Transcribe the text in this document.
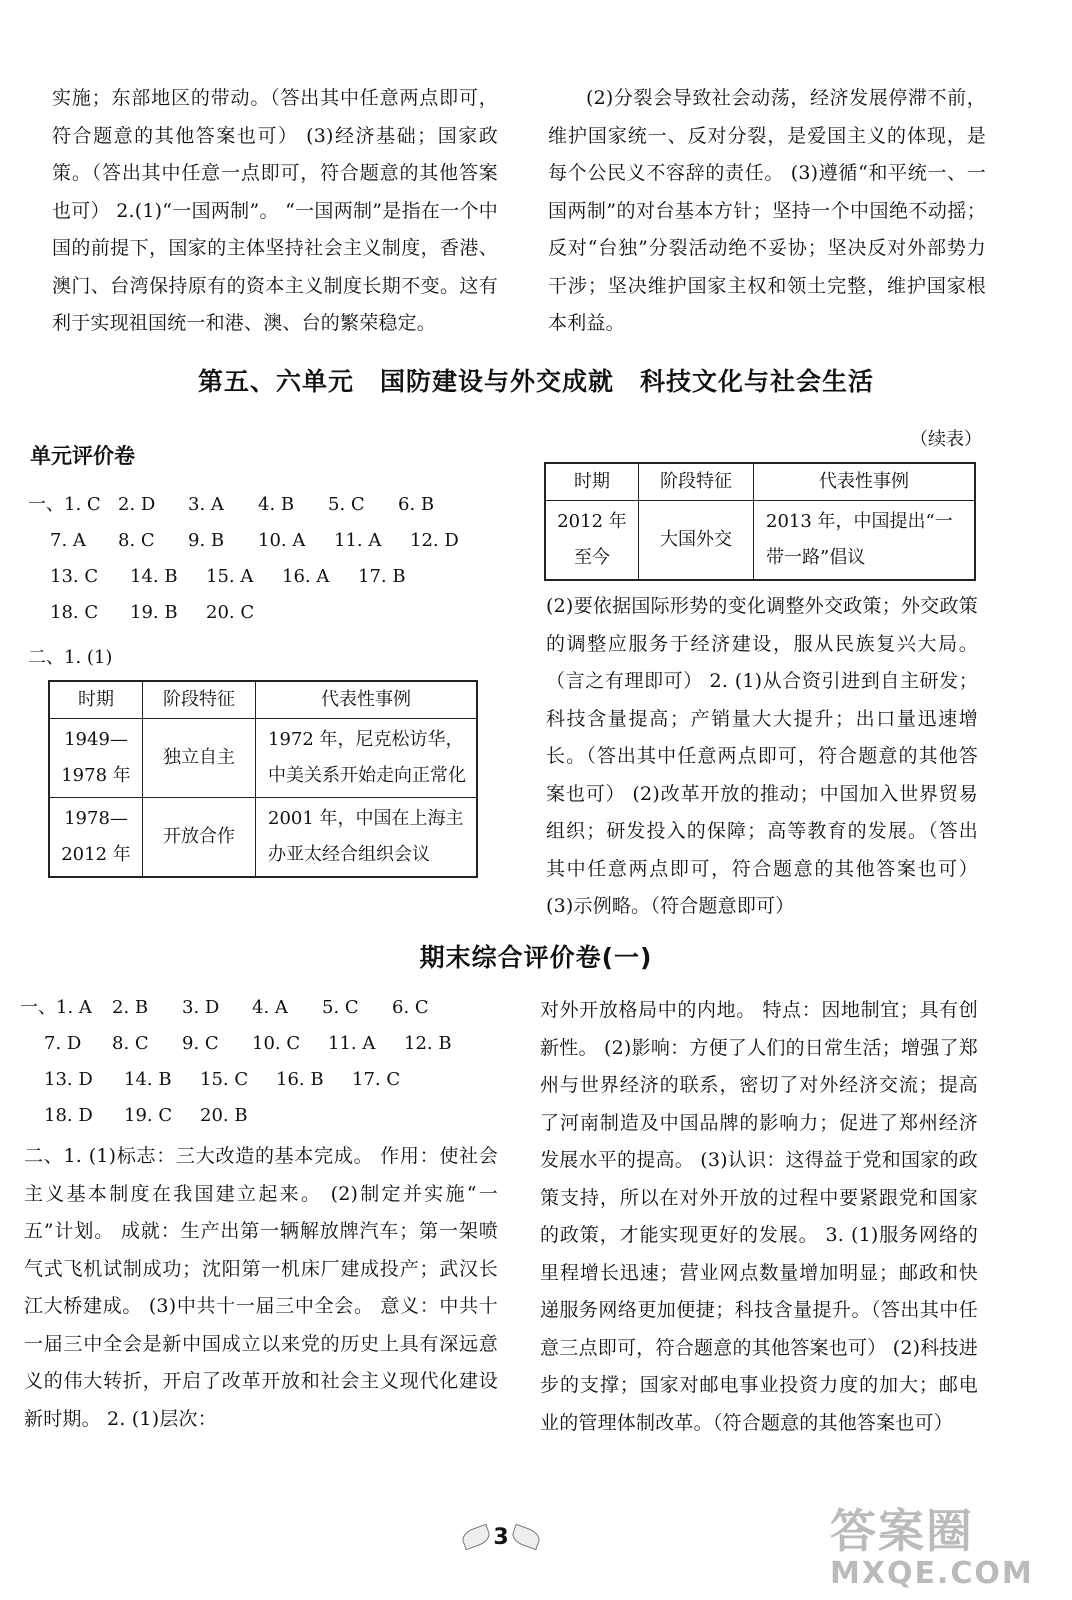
实施；东部地区的带动。（答出其中任意两点即可，符合题意的其他答案也可） (3)经济基础；国家政策。（答出其中任意一点即可，符合题意的其他答案也可） 2.(1)“一国两制”。 “一国两制”是指在一个中国的前提下，国家的主体坚持社会主义制度，香港、澳门、台湾保持原有的资本主义制度长期不变。这有利于实现祖国统一和港、澳、台的繁荣稳定。
(2)分裂会导致社会动荡，经济发展停滞不前，维护国家统一、反对分裂，是爱国主义的体现，是每个公民义不容辞的责任。 (3)遵循“和平统一、一国两制”的对台基本方针；坚持一个中国绝不动摇；反对“台独”分裂活动绝不妥协；坚决反对外部势力干涉；坚决维护国家主权和领土完整，维护国家根本利益。
第五、六单元　国防建设与外交成就　科技文化与社会生活
单元评价卷
一、1. C 2. D 3. A 4. B 5. C 6. B
7. A 8. C 9. B 10. A 11. A 12. D
13. C 14. B 15. A 16. A 17. B
18. C 19. B 20. C
二、1. (1)
时期	阶段特征	代表性事例
1949—1978 年	独立自主	1972 年，尼克松访华，中美关系开始走向正常化
1978—2012 年	开放合作	2001 年，中国在上海主办亚太经合组织会议
（续表）
时期	阶段特征	代表性事例
2012 年至今	大国外交	2013 年，中国提出“一带一路”倡议
(2)要依据国际形势的变化调整外交政策；外交政策的调整应服务于经济建设，服从民族复兴大局。（言之有理即可） 2. (1)从合资引进到自主研发；科技含量提高；产销量大大提升；出口量迅速增长。（答出其中任意两点即可，符合题意的其他答案也可） (2)改革开放的推动；中国加入世界贸易组织；研发投入的保障；高等教育的发展。（答出其中任意两点即可，符合题意的其他答案也可） (3)示例略。（符合题意即可）
期末综合评价卷(一)
一、1. A 2. B 3. D 4. A 5. C 6. C
7. D 8. C 9. C 10. C 11. A 12. B
13. D 14. B 15. C 16. B 17. C
18. D 19. C 20. B
二、1. (1)标志：三大改造的基本完成。 作用：使社会主义基本制度在我国建立起来。 (2)制定并实施“一五”计划。 成就：生产出第一辆解放牌汽车；第一架喷气式飞机试制成功；沈阳第一机床厂建成投产；武汉长江大桥建成。 (3)中共十一届三中全会。 意义：中共十一届三中全会是新中国成立以来党的历史上具有深远意义的伟大转折，开启了改革开放和社会主义现代化建设新时期。 2. (1)层次：
对外开放格局中的内地。 特点：因地制宜；具有创新性。 (2)影响：方便了人们的日常生活；增强了郑州与世界经济的联系，密切了对外经济交流；提高了河南制造及中国品牌的影响力；促进了郑州经济发展水平的提高。 (3)认识：这得益于党和国家的政策支持，所以在对外开放的过程中要紧跟党和国家的政策，才能实现更好的发展。 3. (1)服务网络的里程增长迅速；营业网点数量增加明显；邮政和快递服务网络更加便捷；科技含量提升。（答出其中任意三点即可，符合题意的其他答案也可） (2)科技进步的支撑；国家对邮电事业投资力度的加大；邮电业的管理体制改革。（符合题意的其他答案也可）
3	答案圈
MXQE.COM
